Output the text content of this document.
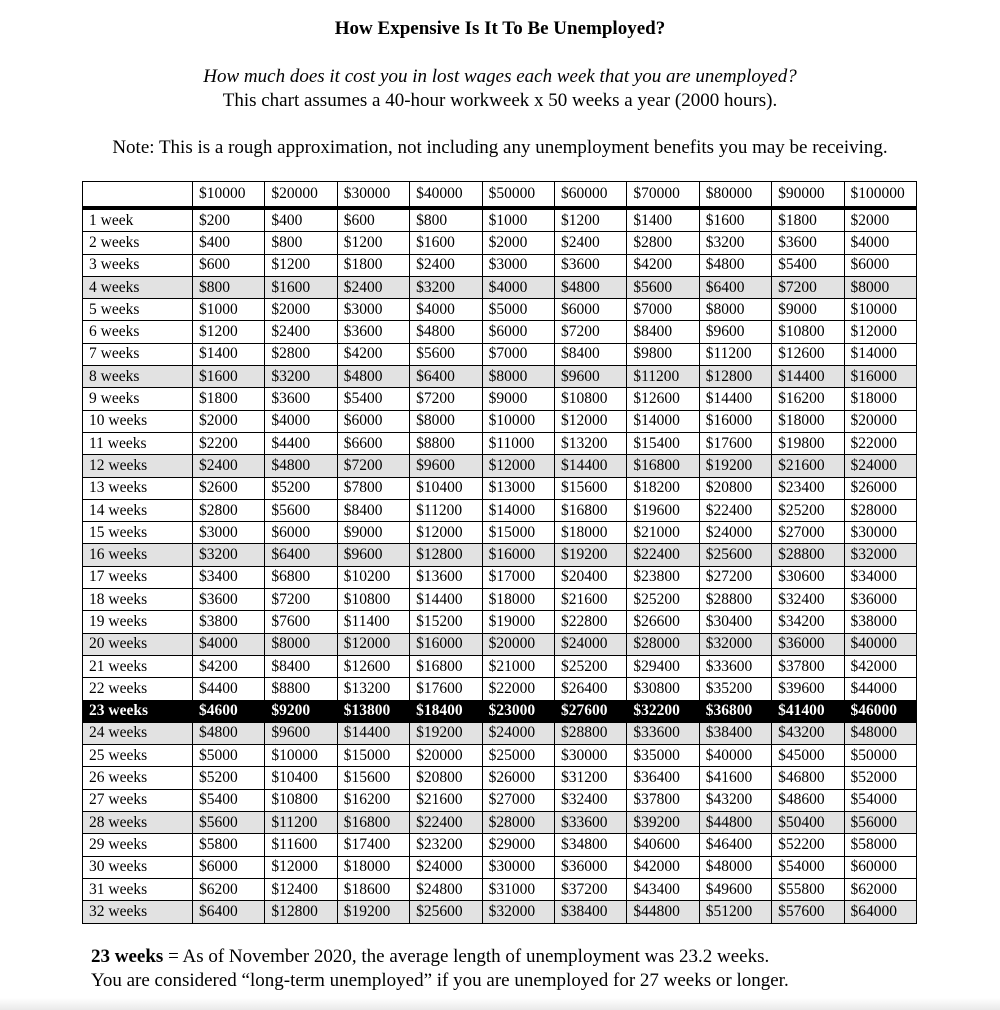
How Expensive Is It To Be Unemployed?
How much does it cost you in lost wages each week that you are unemployed?
This chart assumes a 40-hour workweek x 50 weeks a year (2000 hours).
Note: This is a rough approximation, not including any unemployment benefits you may be receiving.
	$10000	$20000	$30000	$40000	$50000	$60000	$70000	$80000	$90000	$100000
1 week	$200	$400	$600	$800	$1000	$1200	$1400	$1600	$1800	$2000
2 weeks	$400	$800	$1200	$1600	$2000	$2400	$2800	$3200	$3600	$4000
3 weeks	$600	$1200	$1800	$2400	$3000	$3600	$4200	$4800	$5400	$6000
4 weeks	$800	$1600	$2400	$3200	$4000	$4800	$5600	$6400	$7200	$8000
5 weeks	$1000	$2000	$3000	$4000	$5000	$6000	$7000	$8000	$9000	$10000
6 weeks	$1200	$2400	$3600	$4800	$6000	$7200	$8400	$9600	$10800	$12000
7 weeks	$1400	$2800	$4200	$5600	$7000	$8400	$9800	$11200	$12600	$14000
8 weeks	$1600	$3200	$4800	$6400	$8000	$9600	$11200	$12800	$14400	$16000
9 weeks	$1800	$3600	$5400	$7200	$9000	$10800	$12600	$14400	$16200	$18000
10 weeks	$2000	$4000	$6000	$8000	$10000	$12000	$14000	$16000	$18000	$20000
11 weeks	$2200	$4400	$6600	$8800	$11000	$13200	$15400	$17600	$19800	$22000
12 weeks	$2400	$4800	$7200	$9600	$12000	$14400	$16800	$19200	$21600	$24000
13 weeks	$2600	$5200	$7800	$10400	$13000	$15600	$18200	$20800	$23400	$26000
14 weeks	$2800	$5600	$8400	$11200	$14000	$16800	$19600	$22400	$25200	$28000
15 weeks	$3000	$6000	$9000	$12000	$15000	$18000	$21000	$24000	$27000	$30000
16 weeks	$3200	$6400	$9600	$12800	$16000	$19200	$22400	$25600	$28800	$32000
17 weeks	$3400	$6800	$10200	$13600	$17000	$20400	$23800	$27200	$30600	$34000
18 weeks	$3600	$7200	$10800	$14400	$18000	$21600	$25200	$28800	$32400	$36000
19 weeks	$3800	$7600	$11400	$15200	$19000	$22800	$26600	$30400	$34200	$38000
20 weeks	$4000	$8000	$12000	$16000	$20000	$24000	$28000	$32000	$36000	$40000
21 weeks	$4200	$8400	$12600	$16800	$21000	$25200	$29400	$33600	$37800	$42000
22 weeks	$4400	$8800	$13200	$17600	$22000	$26400	$30800	$35200	$39600	$44000
23 weeks	$4600	$9200	$13800	$18400	$23000	$27600	$32200	$36800	$41400	$46000
24 weeks	$4800	$9600	$14400	$19200	$24000	$28800	$33600	$38400	$43200	$48000
25 weeks	$5000	$10000	$15000	$20000	$25000	$30000	$35000	$40000	$45000	$50000
26 weeks	$5200	$10400	$15600	$20800	$26000	$31200	$36400	$41600	$46800	$52000
27 weeks	$5400	$10800	$16200	$21600	$27000	$32400	$37800	$43200	$48600	$54000
28 weeks	$5600	$11200	$16800	$22400	$28000	$33600	$39200	$44800	$50400	$56000
29 weeks	$5800	$11600	$17400	$23200	$29000	$34800	$40600	$46400	$52200	$58000
30 weeks	$6000	$12000	$18000	$24000	$30000	$36000	$42000	$48000	$54000	$60000
31 weeks	$6200	$12400	$18600	$24800	$31000	$37200	$43400	$49600	$55800	$62000
32 weeks	$6400	$12800	$19200	$25600	$32000	$38400	$44800	$51200	$57600	$64000
23 weeks = As of November 2020, the average length of unemployment was 23.2 weeks.
You are considered “long-term unemployed” if you are unemployed for 27 weeks or longer.
